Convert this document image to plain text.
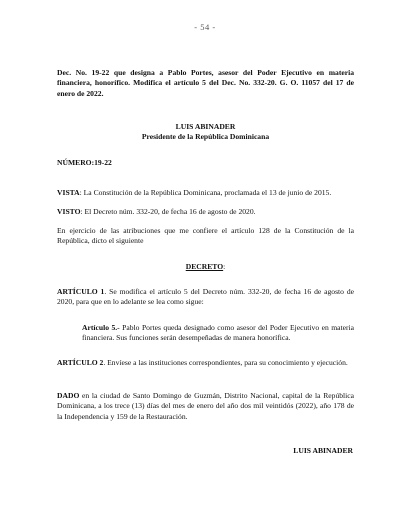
- 54 -

Dec. No. 19-22 que designa a Pablo Portes, asesor del Poder Ejecutivo en materia financiera, honorífico. Modifica el artículo 5 del Dec. No. 332-20. G. O. 11057 del 17 de enero de 2022.

LUIS ABINADER
Presidente de la República Dominicana

NÚMERO:19-22

VISTA: La Constitución de la República Dominicana, proclamada el 13 de junio de 2015.

VISTO: El Decreto núm. 332-20, de fecha 16 de agosto de 2020.

En ejercicio de las atribuciones que me confiere el artículo 128 de la Constitución de la República, dicto el siguiente

DECRETO:

ARTÍCULO 1. Se modifica el artículo 5 del Decreto núm. 332-20, de fecha 16 de agosto de 2020, para que en lo adelante se lea como sigue:

Artículo 5.- Pablo Portes queda designado como asesor del Poder Ejecutivo en materia financiera. Sus funciones serán desempeñadas de manera honorífica.

ARTÍCULO 2. Envíese a las instituciones correspondientes, para su conocimiento y ejecución.

DADO en la ciudad de Santo Domingo de Guzmán, Distrito Nacional, capital de la República Dominicana, a los trece (13) días del mes de enero del año dos mil veintidós (2022), año 178 de la Independencia y 159 de la Restauración.

LUIS ABINADER
